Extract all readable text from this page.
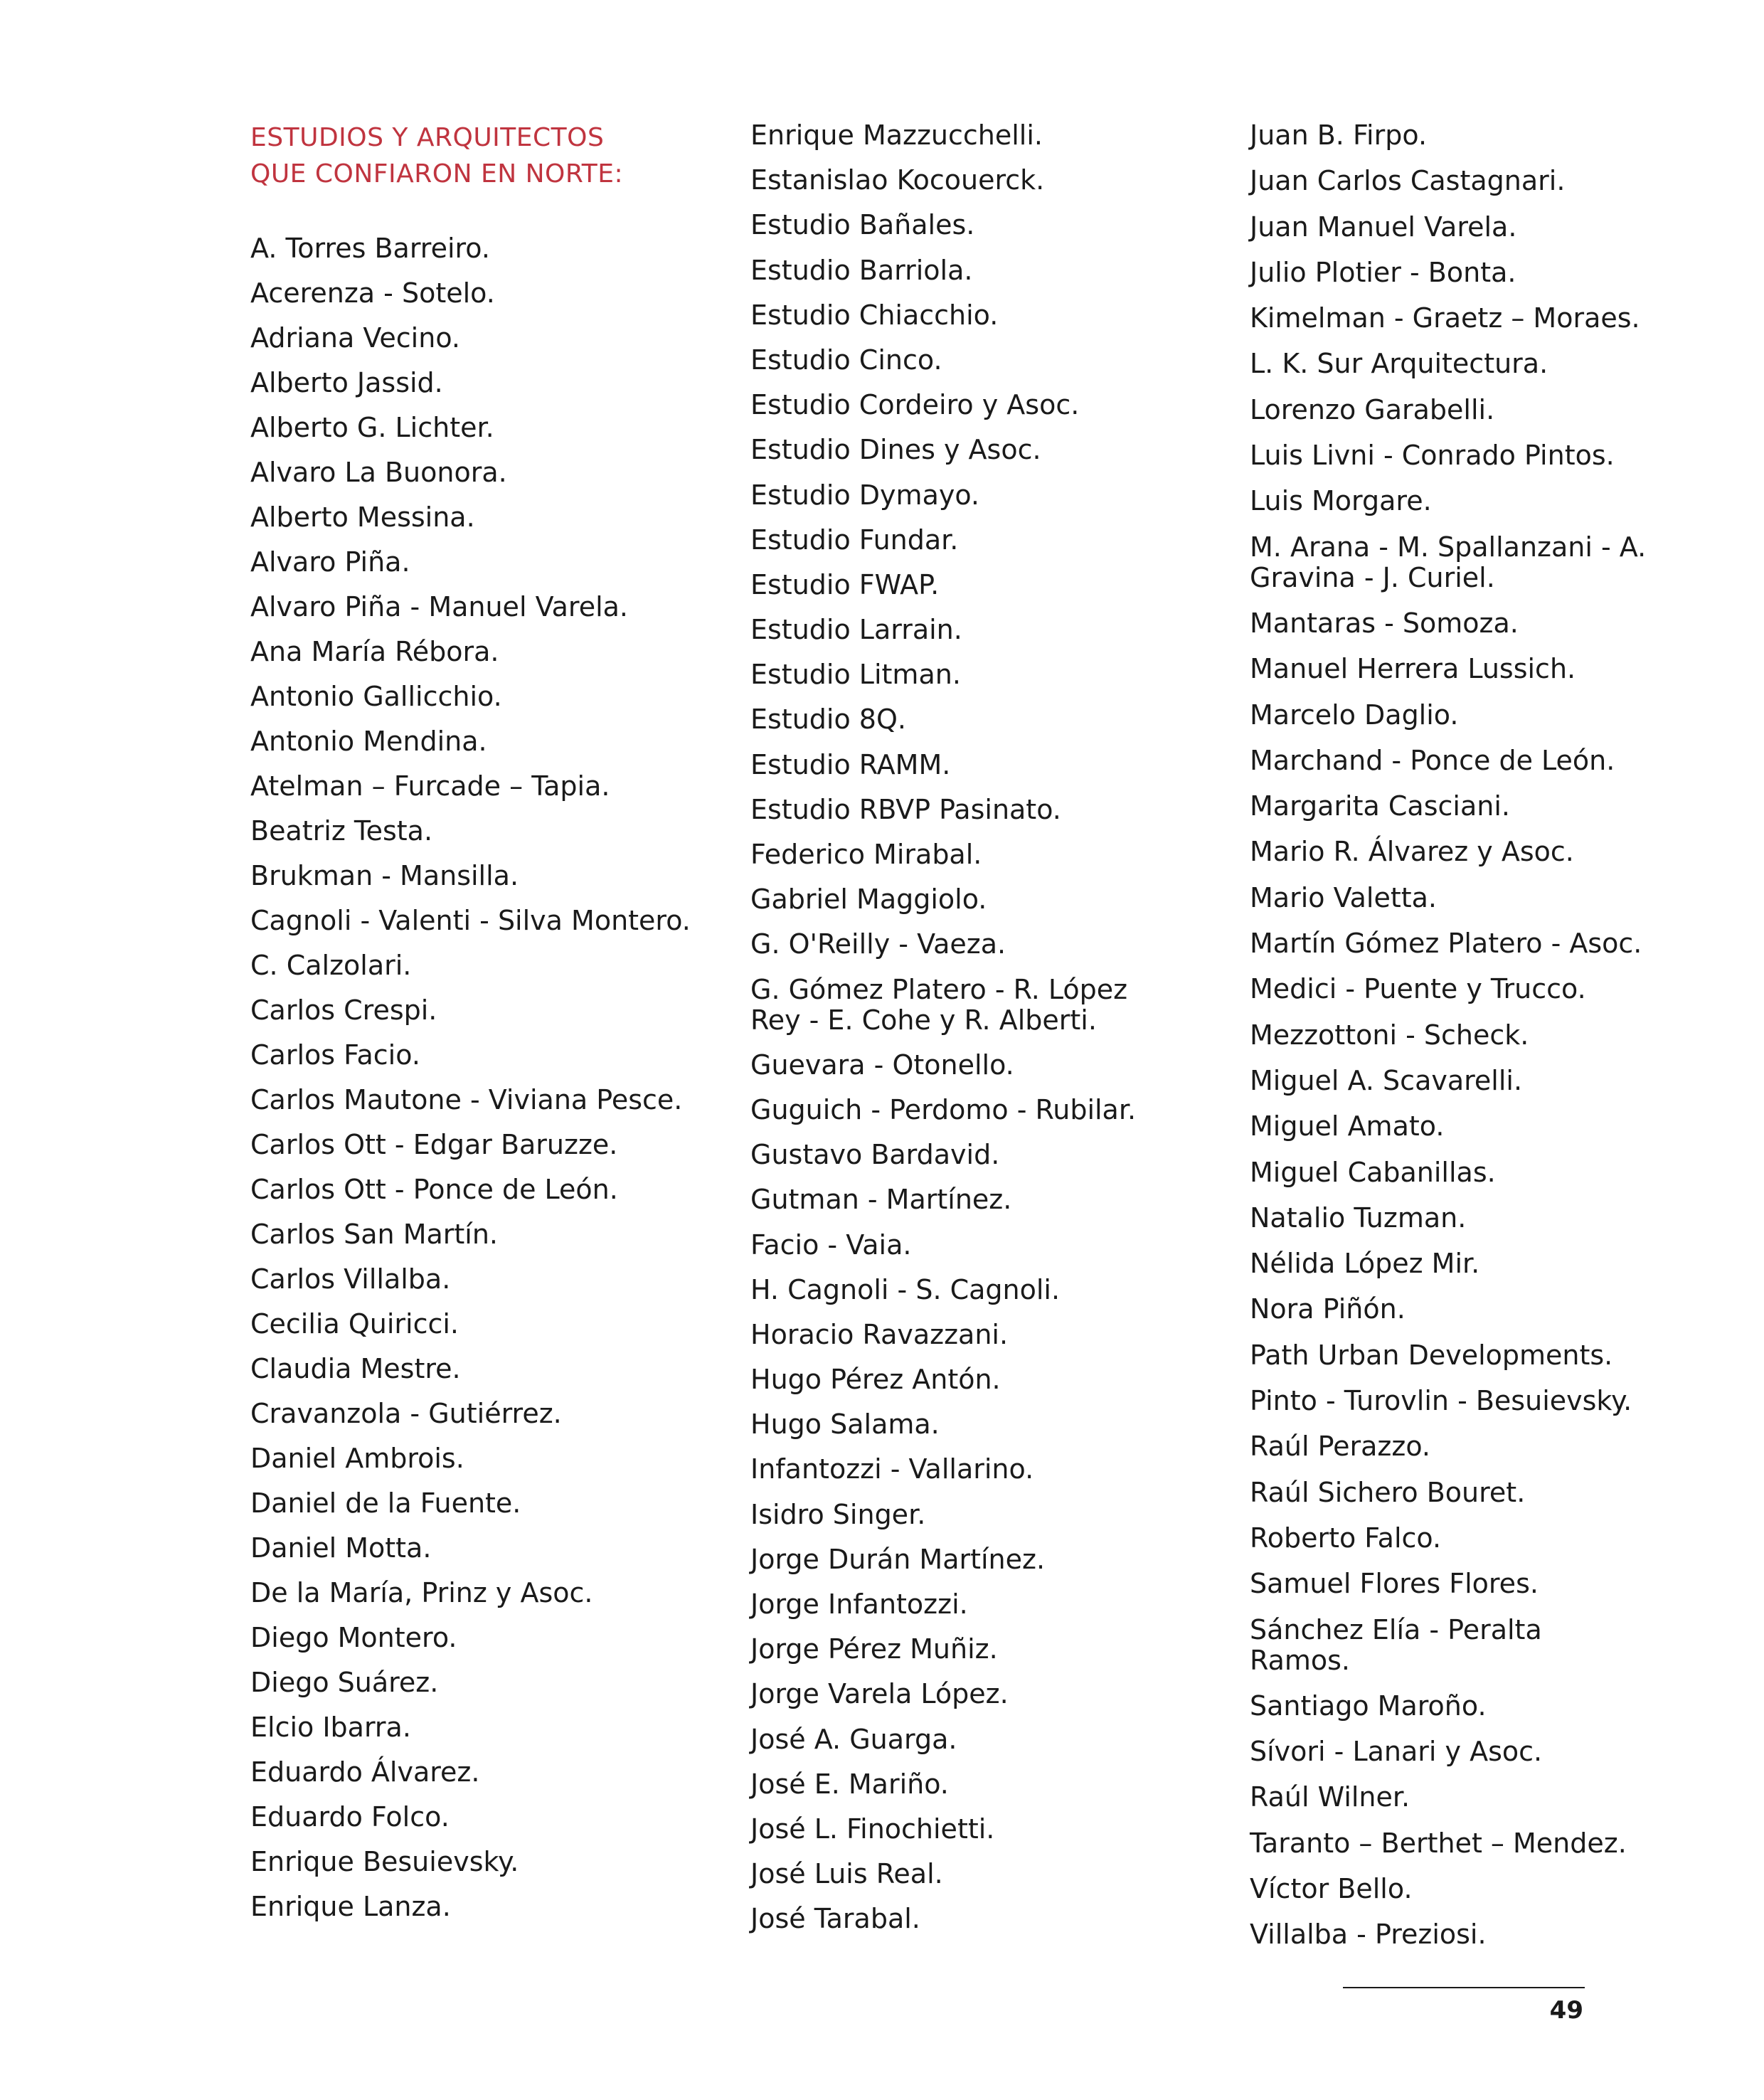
ESTUDIOS Y ARQUITECTOS
QUE CONFIARON EN NORTE:
A. Torres Barreiro.
Acerenza - Sotelo.
Adriana Vecino.
Alberto Jassid.
Alberto G. Lichter.
Alvaro La Buonora.
Alberto Messina.
Alvaro Piña.
Alvaro Piña - Manuel Varela.
Ana María Rébora.
Antonio Gallicchio.
Antonio Mendina.
Atelman – Furcade – Tapia.
Beatriz Testa.
Brukman - Mansilla.
Cagnoli - Valenti - Silva Montero.
C. Calzolari.
Carlos Crespi.
Carlos Facio.
Carlos Mautone - Viviana Pesce.
Carlos Ott - Edgar Baruzze.
Carlos Ott - Ponce de León.
Carlos San Martín.
Carlos Villalba.
Cecilia Quiricci.
Claudia Mestre.
Cravanzola - Gutiérrez.
Daniel Ambrois.
Daniel de la Fuente.
Daniel Motta.
De la María, Prinz y Asoc.
Diego Montero.
Diego Suárez.
Elcio Ibarra.
Eduardo Álvarez.
Eduardo Folco.
Enrique Besuievsky.
Enrique Lanza.
Enrique Mazzucchelli.
Estanislao Kocouerck.
Estudio Bañales.
Estudio Barriola.
Estudio Chiacchio.
Estudio Cinco.
Estudio Cordeiro y Asoc.
Estudio Dines y Asoc.
Estudio Dymayo.
Estudio Fundar.
Estudio FWAP.
Estudio Larrain.
Estudio Litman.
Estudio 8Q.
Estudio RAMM.
Estudio RBVP Pasinato.
Federico Mirabal.
Gabriel Maggiolo.
G. O'Reilly - Vaeza.
G. Gómez Platero - R. López Rey - E. Cohe y R. Alberti.
Guevara - Otonello.
Guguich - Perdomo - Rubilar.
Gustavo Bardavid.
Gutman - Martínez.
Facio - Vaia.
H. Cagnoli - S. Cagnoli.
Horacio Ravazzani.
Hugo Pérez Antón.
Hugo Salama.
Infantozzi - Vallarino.
Isidro Singer.
Jorge Durán Martínez.
Jorge Infantozzi.
Jorge Pérez Muñiz.
Jorge Varela López.
José A. Guarga.
José E. Mariño.
José L. Finochietti.
José Luis Real.
José Tarabal.
Juan B. Firpo.
Juan Carlos Castagnari.
Juan Manuel Varela.
Julio Plotier - Bonta.
Kimelman - Graetz – Moraes.
L. K. Sur Arquitectura.
Lorenzo Garabelli.
Luis Livni - Conrado Pintos.
Luis Morgare.
M. Arana - M. Spallanzani - A. Gravina - J. Curiel.
Mantaras - Somoza.
Manuel Herrera Lussich.
Marcelo Daglio.
Marchand - Ponce de León.
Margarita Casciani.
Mario R. Álvarez y Asoc.
Mario Valetta.
Martín Gómez Platero - Asoc.
Medici - Puente y Trucco.
Mezzottoni - Scheck.
Miguel A. Scavarelli.
Miguel Amato.
Miguel Cabanillas.
Natalio Tuzman.
Nélida López Mir.
Nora Piñón.
Path Urban Developments.
Pinto - Turovlin - Besuievsky.
Raúl Perazzo.
Raúl Sichero Bouret.
Roberto Falco.
Samuel Flores Flores.
Sánchez Elía - Peralta Ramos.
Santiago Maroño.
Sívori - Lanari y Asoc.
Raúl Wilner.
Taranto – Berthet – Mendez.
Víctor Bello.
Villalba - Preziosi.
49
